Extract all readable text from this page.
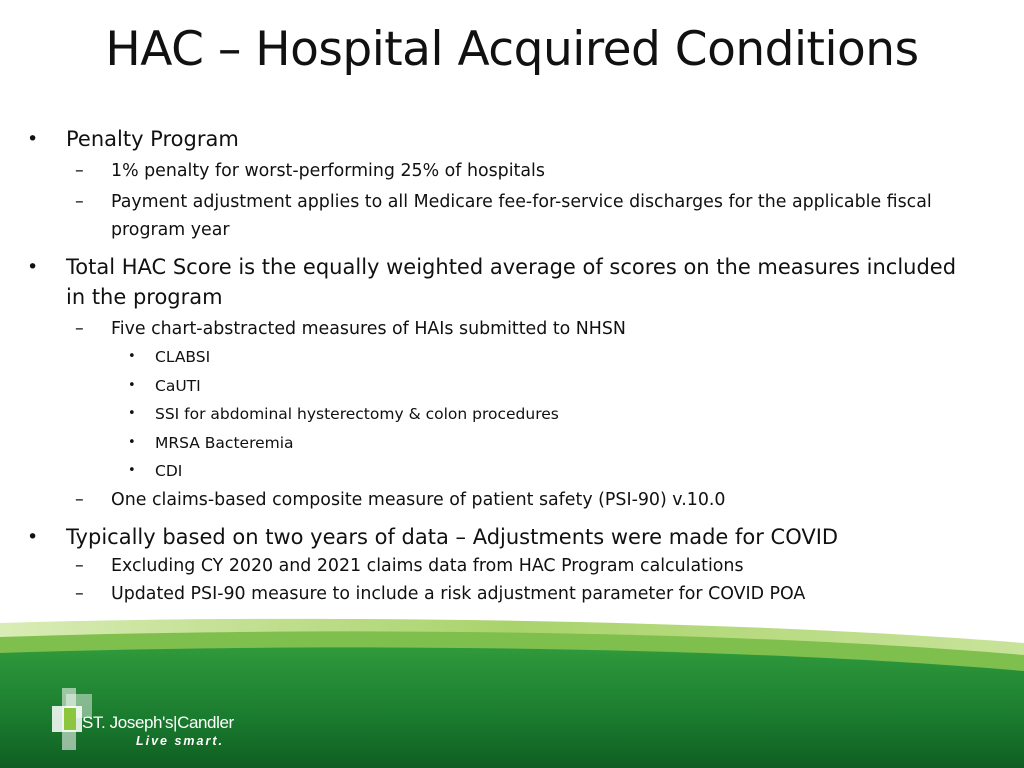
HAC – Hospital Acquired Conditions
• Penalty Program
– 1% penalty for worst-performing 25% of hospitals
– Payment adjustment applies to all Medicare fee-for-service discharges for the applicable fiscal program year
• Total HAC Score is the equally weighted average of scores on the measures included in the program
– Five chart-abstracted measures of HAIs submitted to NHSN
• CLABSI
• CaUTI
• SSI for abdominal hysterectomy & colon procedures
• MRSA Bacteremia
• CDI
– One claims-based composite measure of patient safety (PSI-90) v.10.0
• Typically based on two years of data – Adjustments were made for COVID
– Excluding CY 2020 and 2021 claims data from HAC Program calculations
– Updated PSI-90 measure to include a risk adjustment parameter for COVID POA
ST. Joseph's|Candler
Live smart.
